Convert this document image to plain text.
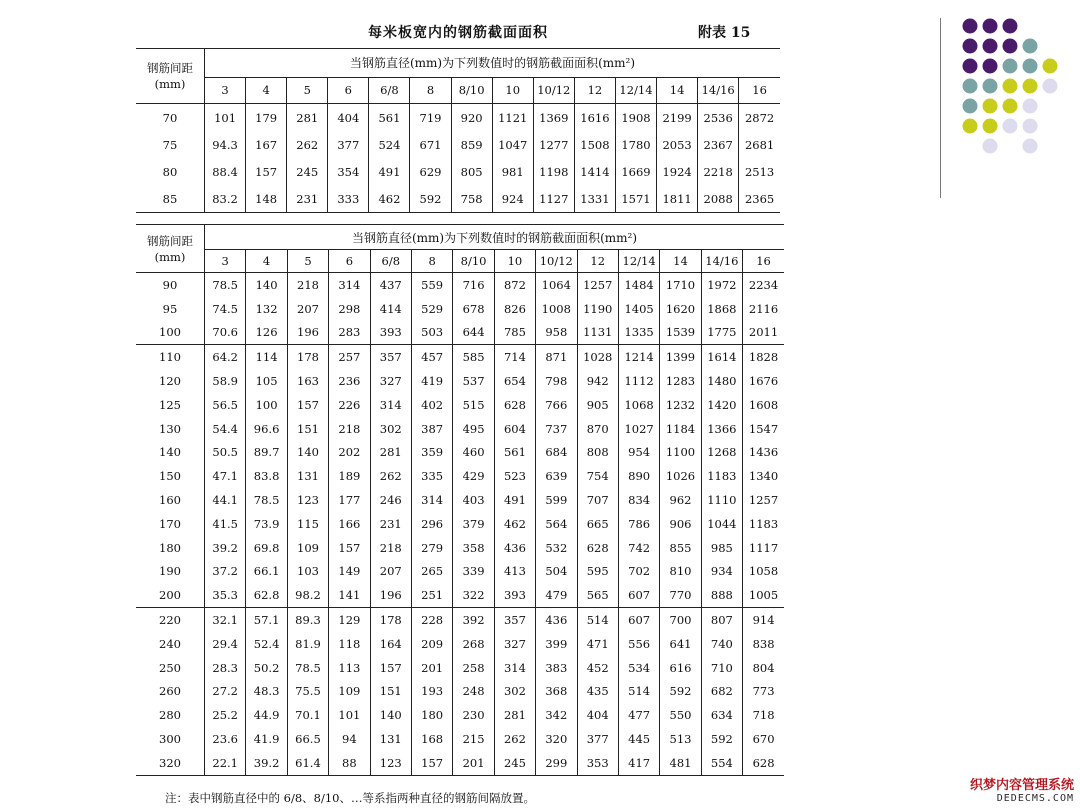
每米板宽内的钢筋截面面积	附表 15
钢筋间距
(mm)	当钢筋直径(mm)为下列数值时的钢筋截面面积(mm²)													
	3	4	5	6	6/8	8	8/10	10	10/12	12	12/14	14	14/16	16
70	101	179	281	404	561	719	920	1121	1369	1616	1908	2199	2536	2872
75	94.3	167	262	377	524	671	859	1047	1277	1508	1780	2053	2367	2681
80	88.4	157	245	354	491	629	805	981	1198	1414	1669	1924	2218	2513
85	83.2	148	231	333	462	592	758	924	1127	1331	1571	1811	2088	2365
钢筋间距
(mm)	当钢筋直径(mm)为下列数值时的钢筋截面面积(mm²)													
	3	4	5	6	6/8	8	8/10	10	10/12	12	12/14	14	14/16	16
90	78.5	140	218	314	437	559	716	872	1064	1257	1484	1710	1972	2234
95	74.5	132	207	298	414	529	678	826	1008	1190	1405	1620	1868	2116
100	70.6	126	196	283	393	503	644	785	958	1131	1335	1539	1775	2011
110	64.2	114	178	257	357	457	585	714	871	1028	1214	1399	1614	1828
120	58.9	105	163	236	327	419	537	654	798	942	1112	1283	1480	1676
125	56.5	100	157	226	314	402	515	628	766	905	1068	1232	1420	1608
130	54.4	96.6	151	218	302	387	495	604	737	870	1027	1184	1366	1547
140	50.5	89.7	140	202	281	359	460	561	684	808	954	1100	1268	1436
150	47.1	83.8	131	189	262	335	429	523	639	754	890	1026	1183	1340
160	44.1	78.5	123	177	246	314	403	491	599	707	834	962	1110	1257
170	41.5	73.9	115	166	231	296	379	462	564	665	786	906	1044	1183
180	39.2	69.8	109	157	218	279	358	436	532	628	742	855	985	1117
190	37.2	66.1	103	149	207	265	339	413	504	595	702	810	934	1058
200	35.3	62.8	98.2	141	196	251	322	393	479	565	607	770	888	1005
220	32.1	57.1	89.3	129	178	228	392	357	436	514	607	700	807	914
240	29.4	52.4	81.9	118	164	209	268	327	399	471	556	641	740	838
250	28.3	50.2	78.5	113	157	201	258	314	383	452	534	616	710	804
260	27.2	48.3	75.5	109	151	193	248	302	368	435	514	592	682	773
280	25.2	44.9	70.1	101	140	180	230	281	342	404	477	550	634	718
300	23.6	41.9	66.5	94	131	168	215	262	320	377	445	513	592	670
320	22.1	39.2	61.4	88	123	157	201	245	299	353	417	481	554	628
注：表中钢筋直径中的 6/8、8/10、…等系指两种直径的钢筋间隔放置。
织梦内容管理系统
DEDECMS.COM
